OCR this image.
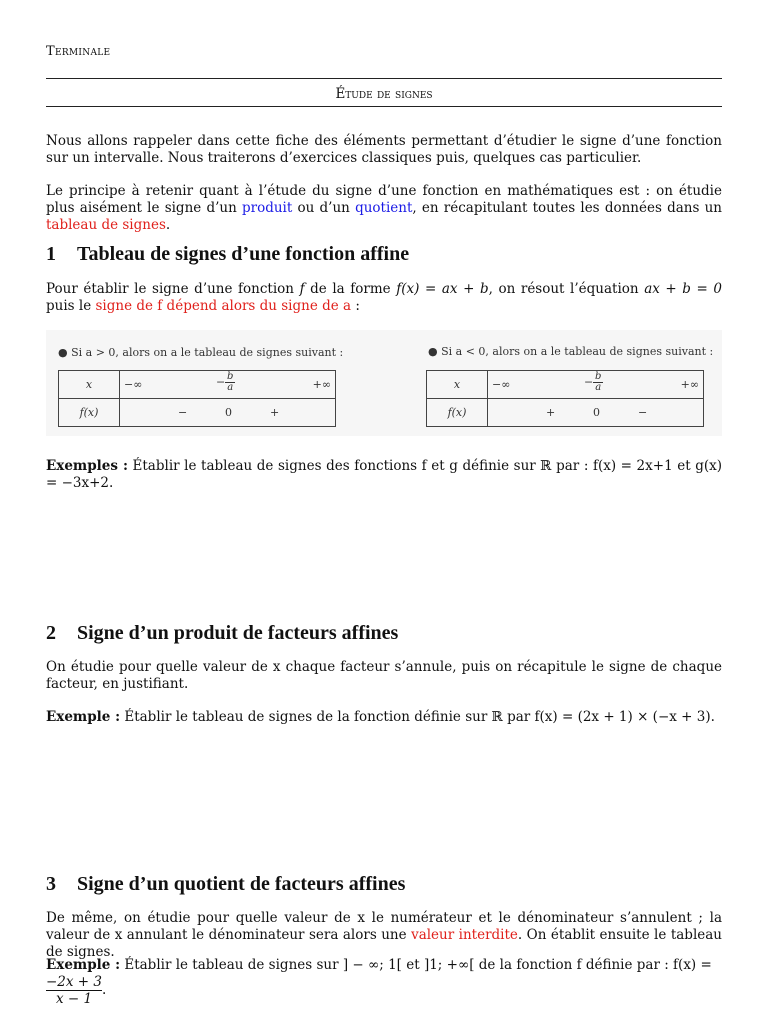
Terminale
Étude de signes
Nous allons rappeler dans cette fiche des éléments permettant d’étudier le signe d’une fonction sur un intervalle. Nous traiterons d’exercices classiques puis, quelques cas particulier.
Le principe à retenir quant à l’étude du signe d’une fonction en mathématiques est : on étudie plus aisément le signe d’un produit ou d’un quotient, en récapitulant toutes les données dans un tableau de signes.
1 Tableau de signes d’une fonction affine
Pour établir le signe d’une fonction f de la forme f(x) = ax + b, on résout l’équation ax + b = 0 puis le signe de f dépend alors du signe de a :
● Si a > 0, alors on a le tableau de signes suivant :	● Si a < 0, alors on a le tableau de signes suivant :
x	−∞ − $\frac{b}{a}$ +∞

f(x)	− 0 +
x	−∞ − $\frac{b}{a}$ +∞

f(x)	+ 0 −
Exemples : Établir le tableau de signes des fonctions f et g définie sur ℝ par : f(x) = 2x+1 et g(x) = −3x+2.
2 Signe d’un produit de facteurs affines
On étudie pour quelle valeur de x chaque facteur s’annule, puis on récapitule le signe de chaque facteur, en justifiant.
Exemple : Établir le tableau de signes de la fonction définie sur ℝ par f(x) = (2x + 1) × (−x + 3).
3 Signe d’un quotient de facteurs affines
De même, on étudie pour quelle valeur de x le numérateur et le dénominateur s’annulent ; la valeur de x annulant le dénominateur sera alors une valeur interdite. On établit ensuite le tableau de signes.
Exemple : Établir le tableau de signes sur ] − ∞; 1[ et ]1; +∞[ de la fonction f définie par : f(x) =
$\frac{-2x + 3}{x - 1}$ .
